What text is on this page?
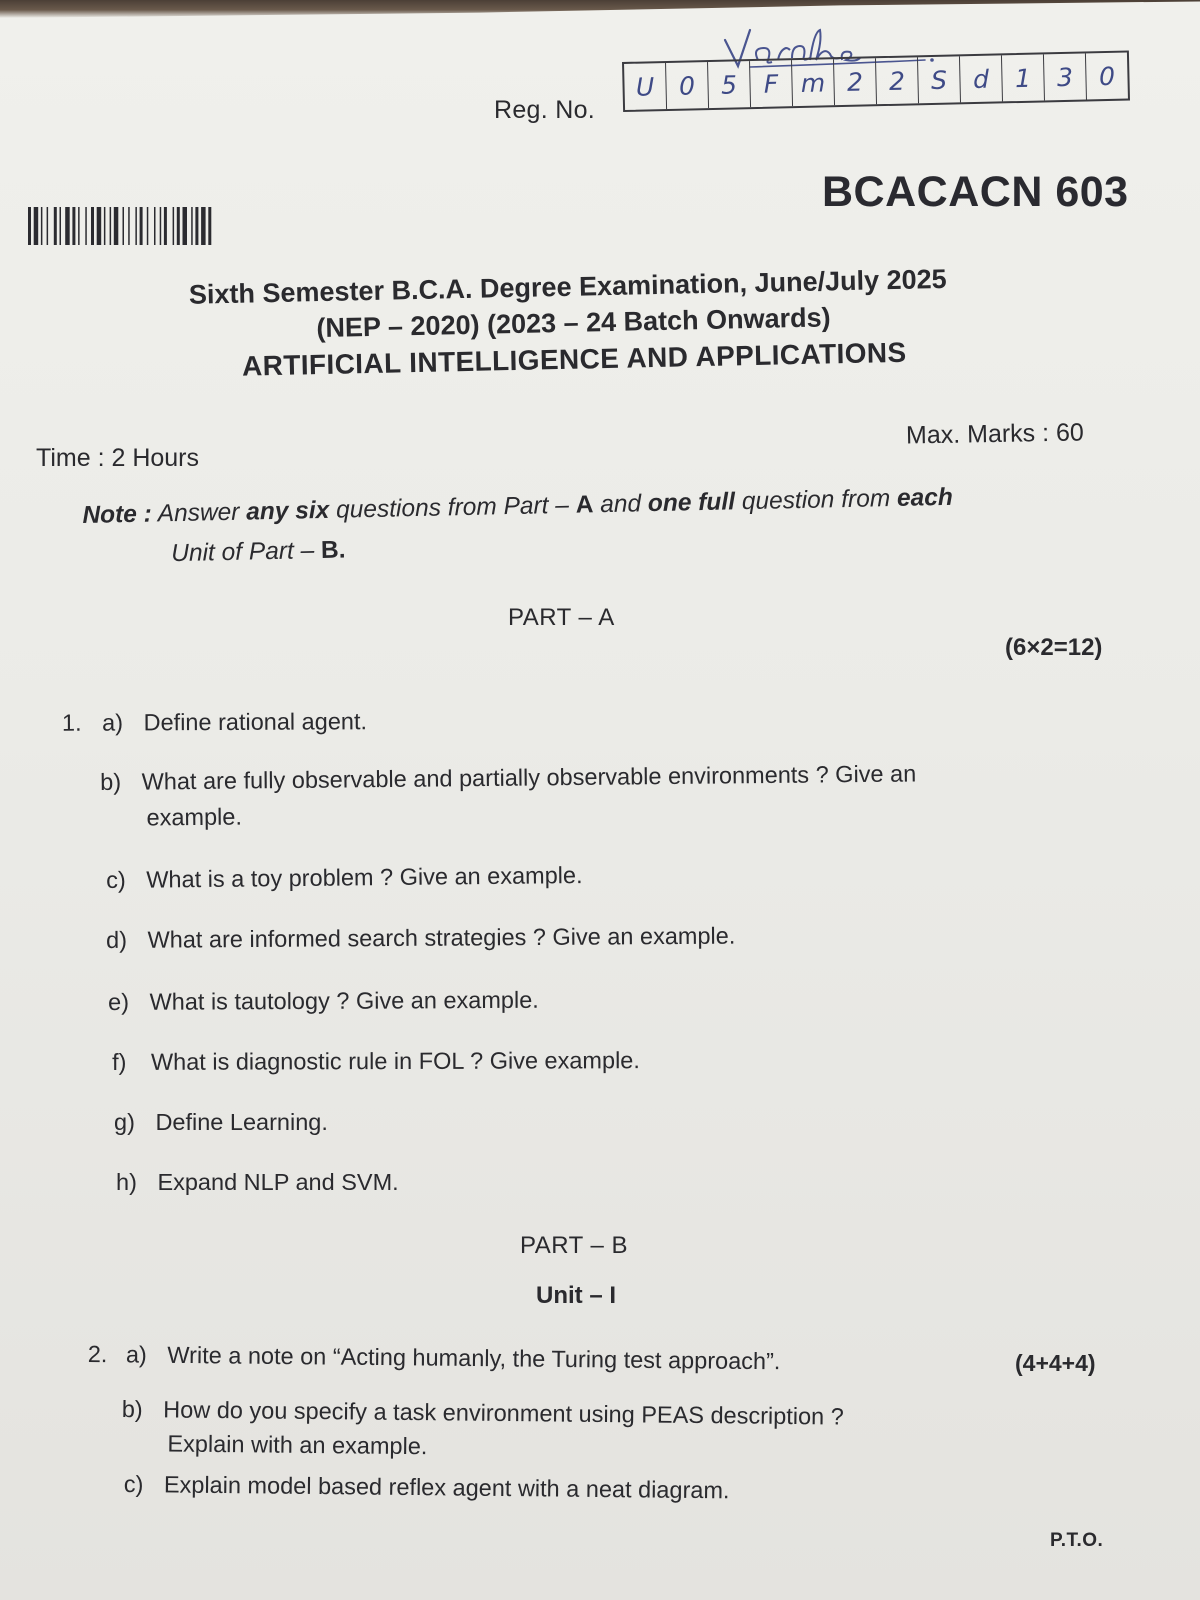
Reg. No.
U 0	5	F m 2	2	S	d	1	3	0
BCACACN 603
Sixth Semester B.C.A. Degree Examination, June/July 2025
(NEP – 2020) (2023 – 24 Batch Onwards)
ARTIFICIAL INTELLIGENCE AND APPLICATIONS
Time : 2 Hours
Max. Marks : 60
Note : Answer any six questions from Part – A and one full question from each
Unit of Part – B.
PART – A
(6×2=12)
1. a) Define rational agent.
b) What are fully observable and partially observable environments ? Give an
example.
c) What is a toy problem ? Give an example.
d) What are informed search strategies ? Give an example.
e) What is tautology ? Give an example.
f) What is diagnostic rule in FOL ? Give example.
g) Define Learning.
h) Expand NLP and SVM.
PART – B
Unit – I
(4+4+4)
2. a) Write a note on “Acting humanly, the Turing test approach”.
b) How do you specify a task environment using PEAS description ?
Explain with an example.
c) Explain model based reflex agent with a neat diagram.
P.T.O.
